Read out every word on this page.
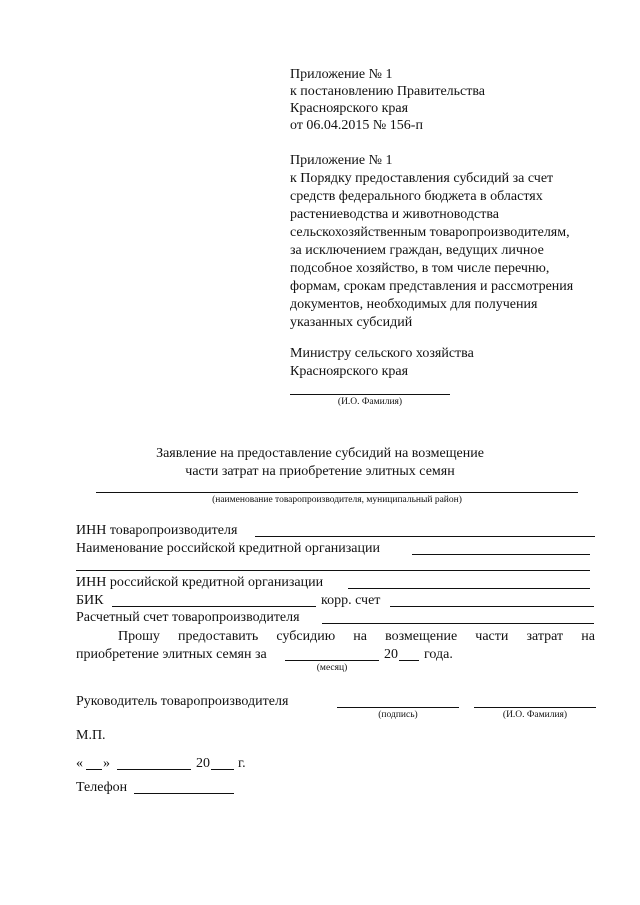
Приложение № 1
к постановлению Правительства
Красноярского края
от 06.04.2015 № 156-п
Приложение № 1
к Порядку предоставления субсидий за счет
средств федерального бюджета в областях
растениеводства и животноводства
сельскохозяйственным товаропроизводителям,
за исключением граждан, ведущих личное
подсобное хозяйство, в том числе перечню,
формам, срокам представления и рассмотрения
документов, необходимых для получения
указанных субсидий
Министру сельского хозяйства
Красноярского края
(И.О. Фамилия)
Заявление на предоставление субсидий на возмещение
части затрат на приобретение элитных семян
(наименование товаропроизводителя, муниципальный район)
ИНН товаропроизводителя
Наименование российской кредитной организации
ИНН российской кредитной организации
БИК	корр. счет
Расчетный счет товаропроизводителя
Прошу предоставить субсидию на возмещение части затрат на
приобретение элитных семян за
(месяц)
20 года.
Руководитель товаропроизводителя
(подпись)	(И.О. Фамилия)
М.П.
« »	20 г.
Телефон
